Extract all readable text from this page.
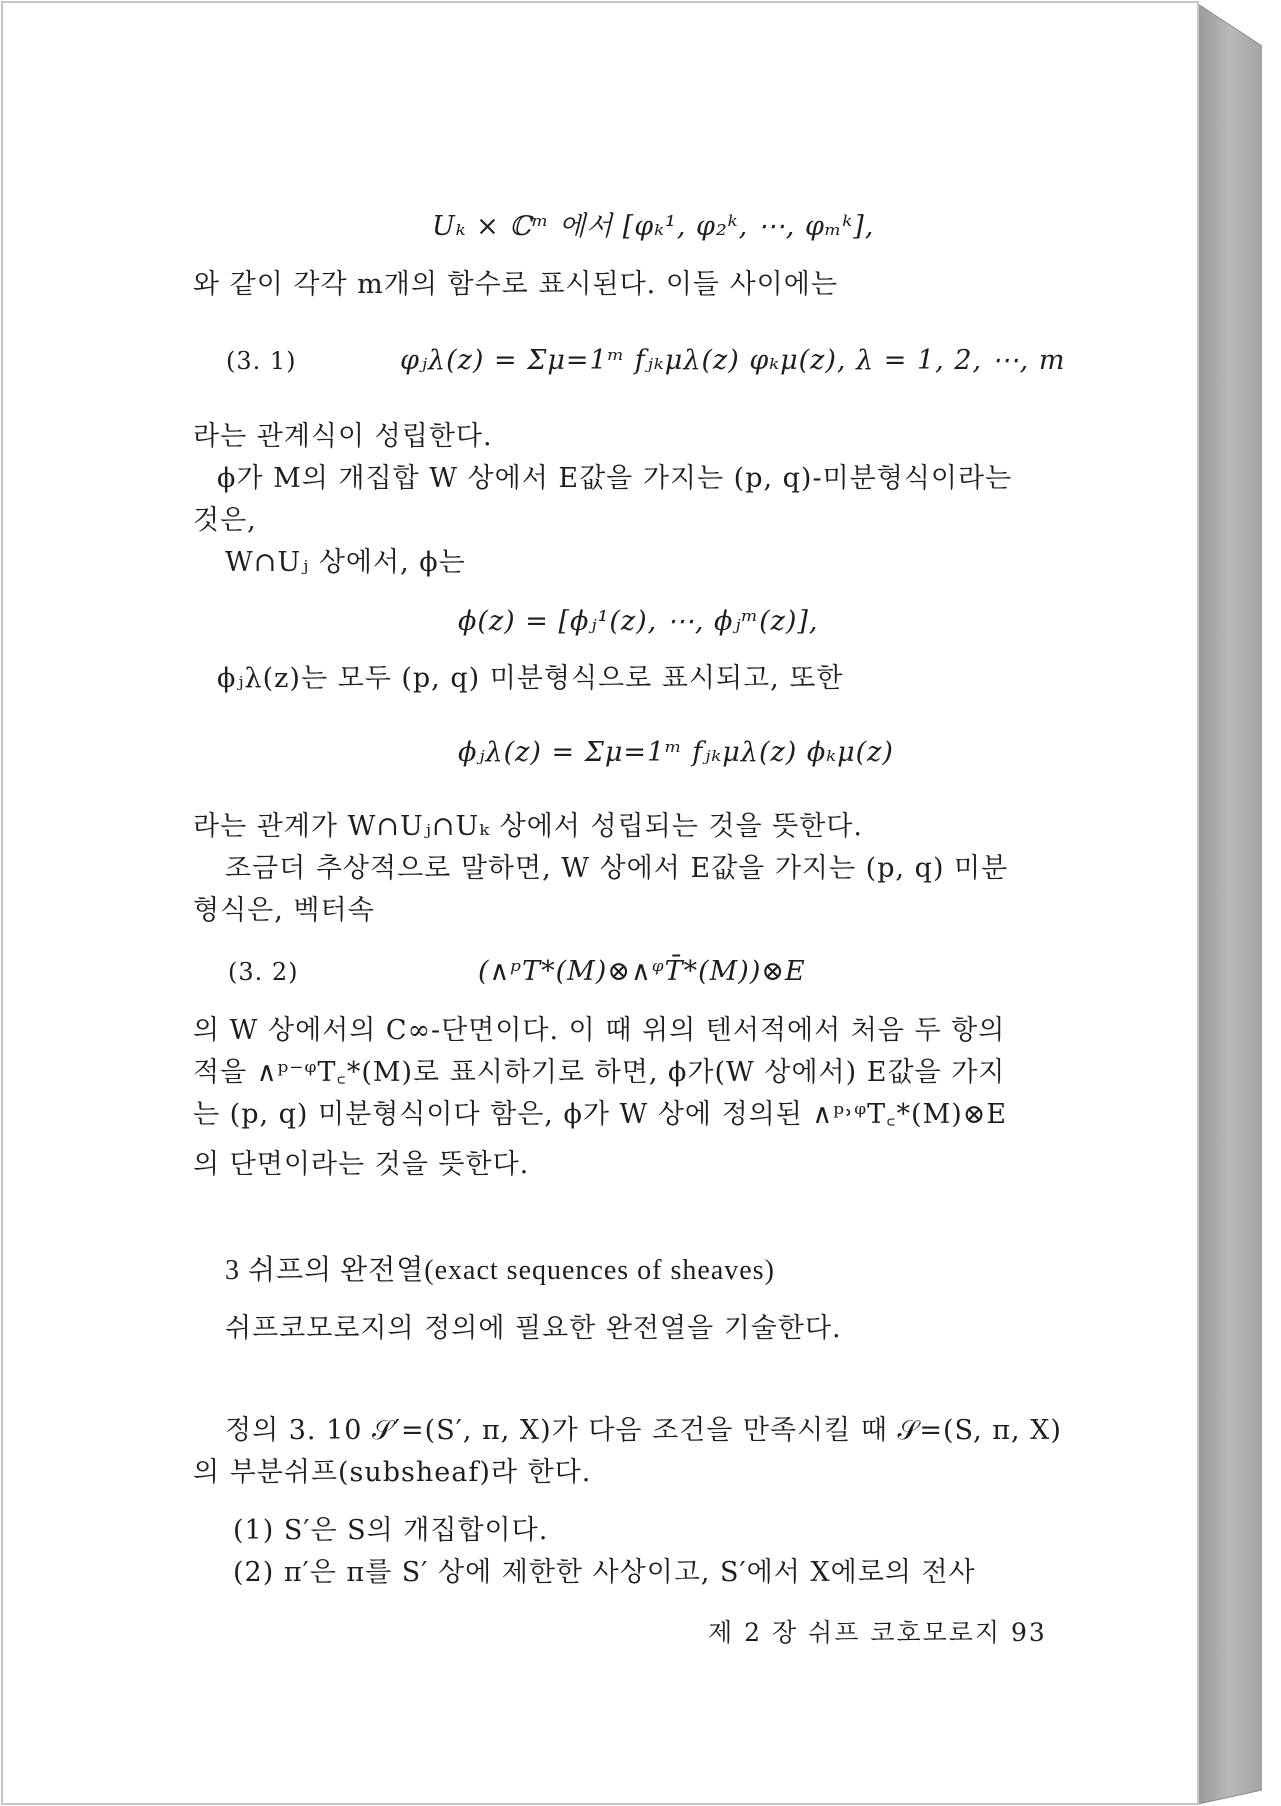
Uₖ × ℂᵐ 에서 [φₖ¹, φ₂ᵏ, ⋯, φₘᵏ],
와 같이 각각 m개의 함수로 표시된다. 이들 사이에는
(3. 1)	φⱼλ(z) = Σμ=1ᵐ fⱼₖμλ(z) φₖμ(z), λ = 1, 2, ⋯, m
라는 관계식이 성립한다.
ϕ가 M의 개집합 W 상에서 E값을 가지는 (p, q)-미분형식이라는
것은,
W∩Uⱼ 상에서, ϕ는
ϕ(z) = [ϕⱼ¹(z), ⋯, ϕⱼᵐ(z)],
ϕⱼλ(z)는 모두 (p, q) 미분형식으로 표시되고, 또한
ϕⱼλ(z) = Σμ=1ᵐ fⱼₖμλ(z) ϕₖμ(z)
라는 관계가 W∩Uⱼ∩Uₖ 상에서 성립되는 것을 뜻한다.
조금더 추상적으로 말하면, W 상에서 E값을 가지는 (p, q) 미분
형식은, 벡터속
(3. 2)	(∧ᵖT*(M)⊗∧ᵠT̄*(M))⊗E
의 W 상에서의 C∞-단면이다. 이 때 위의 텐서적에서 처음 두 항의
적을 ∧ᵖ⁻ᵠT꜀*(M)로 표시하기로 하면, ϕ가(W 상에서) E값을 가지
는 (p, q) 미분형식이다 함은, ϕ가 W 상에 정의된 ∧ᵖ˒ᵠT꜀*(M)⊗E
의 단면이라는 것을 뜻한다.
3 쉬프의 완전열(exact sequences of sheaves)
쉬프코모로지의 정의에 필요한 완전열을 기술한다.
정의 3. 10 𝒮′=(S′, π, X)가 다음 조건을 만족시킬 때 𝒮=(S, π, X)
의 부분쉬프(subsheaf)라 한다.
(1) S′은 S의 개집합이다.
(2) π′은 π를 S′ 상에 제한한 사상이고, S′에서 X에로의 전사
제 2 장 쉬프 코호모로지 93
